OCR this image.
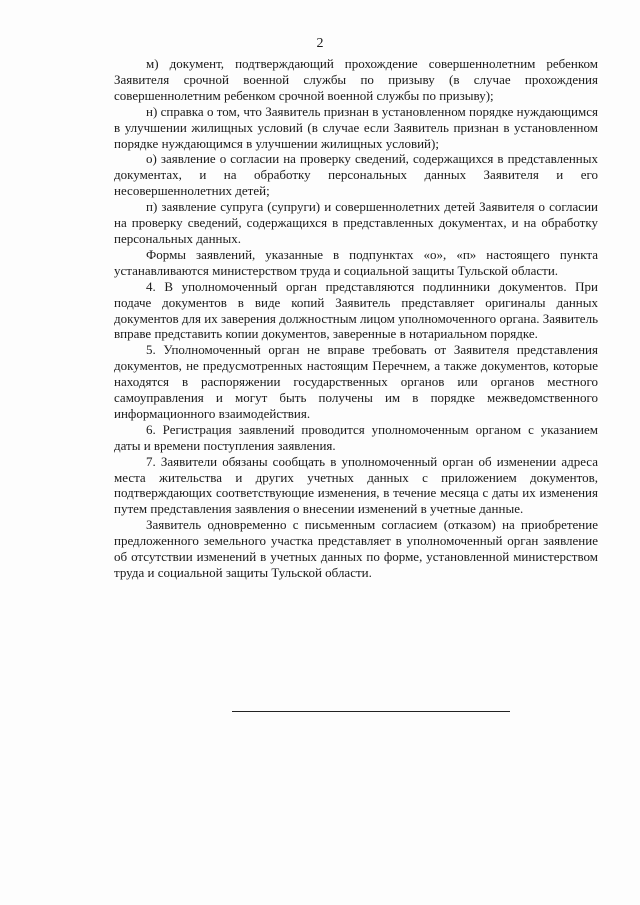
2

м) документ, подтверждающий прохождение совершеннолетним ребенком Заявителя срочной военной службы по призыву (в случае прохождения совершеннолетним ребенком срочной военной службы по призыву);

н) справка о том, что Заявитель признан в установленном порядке нуждающимся в улучшении жилищных условий (в случае если Заявитель признан в установленном порядке нуждающимся в улучшении жилищных условий);

о) заявление о согласии на проверку сведений, содержащихся в представленных документах, и на обработку персональных данных Заявителя и его несовершеннолетних детей;

п) заявление супруга (супруги) и совершеннолетних детей Заявителя о согласии на проверку сведений, содержащихся в представленных документах, и на обработку персональных данных.

Формы заявлений, указанные в подпунктах «о», «п» настоящего пункта устанавливаются министерством труда и социальной защиты Тульской области.

4. В уполномоченный орган представляются подлинники документов. При подаче документов в виде копий Заявитель представляет оригиналы данных документов для их заверения должностным лицом уполномоченного органа. Заявитель вправе представить копии документов, заверенные в нотариальном порядке.

5. Уполномоченный орган не вправе требовать от Заявителя представления документов, не предусмотренных настоящим Перечнем, а также документов, которые находятся в распоряжении государственных органов или органов местного самоуправления и могут быть получены им в порядке межведомственного информационного взаимодействия.

6. Регистрация заявлений проводится уполномоченным органом с указанием даты и времени поступления заявления.

7. Заявители обязаны сообщать в уполномоченный орган об изменении адреса места жительства и других учетных данных с приложением документов, подтверждающих соответствующие изменения, в течение месяца с даты их изменения путем представления заявления о внесении изменений в учетные данные.

Заявитель одновременно с письменным согласием (отказом) на приобретение предложенного земельного участка представляет в уполномоченный орган заявление об отсутствии изменений в учетных данных по форме, установленной министерством труда и социальной защиты Тульской области.
